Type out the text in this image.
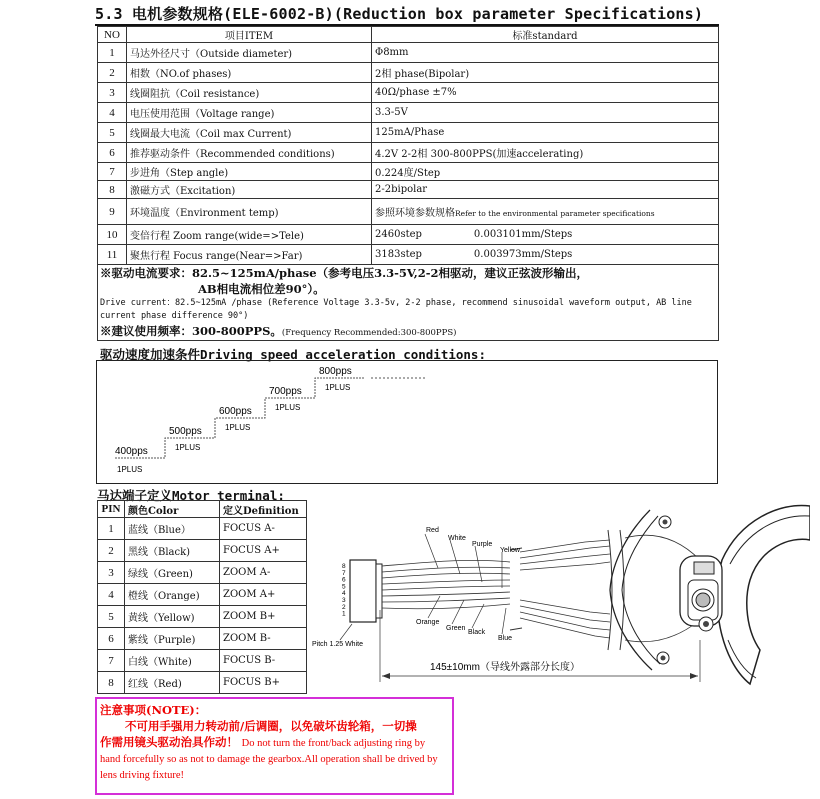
5.3 电机参数规格(ELE-6002-B)(Reduction box parameter Specifications)
NO	项目ITEM	标准standard
1	马达外径尺寸（Outside diameter)	Φ8mm
2	相数（NO.of phases)	2相 phase(Bipolar)
3	线圈阻抗（Coil resistance)	40Ω/phase ±7%
4	电压使用范围（Voltage range)	3.3-5V
5	线圈最大电流（Coil max Current)	125mA/Phase
6	推荐驱动条件（Recommended conditions)	4.2V 2-2相 300-800PPS(加速accelerating)
7	步进角（Step angle)	0.224度/Step
8	激磁方式（Excitation)	2-2bipolar
9	环境温度（Environment temp)	参照环境参数规格Refer to the environmental parameter specifications
10	变倍行程 Zoom range(wide=>Tele)	2460step 0.003101mm/Steps
11	聚焦行程 Focus range(Near=>Far)	3183step 0.003973mm/Steps
※驱动电流要求：82.5~125mA/phase（参考电压3.3-5V,2-2相驱动，建议正弦波形输出，
AB相电流相位差90°）。
Drive current：82.5~125mA /phase (Reference Voltage 3.3-5v, 2-2 phase, recommend sinusoidal waveform output, AB line current phase difference 90°)
※建议使用频率：300-800PPS。(Frequency Recommended:300-800PPS)
驱动速度加速条件Driving speed acceleration conditions:
400pps
1PLUS
500pps
1PLUS
600pps
1PLUS
700pps
1PLUS
800pps
1PLUS
马达端子定义Motor terminal:
PIN	颜色Color	定义Definition
1	蓝线（Blue）	FOCUS A-
2	黑线（Black)	FOCUS A+
3	绿线（Green)	ZOOM A-
4	橙线（Orange)	ZOOM A+
5	黄线（Yellow)	ZOOM B+
6	紫线（Purple)	ZOOM B-
7	白线（White)	FOCUS B-
8	红线（Red)	FOCUS B+
8
7
6
5
4
3
2
1
Red
White
Purple
Yellow
Orange
Green
Black
Blue
Pitch 1.25 White
145±10mm（导线外露部分长度）
注意事项(NOTE)：
不可用手强用力转动前/后调圈，以免破坏齿轮箱，一切操
作需用镜头驱动治具作动！ Do not turn the front/back adjusting ring by hand forcefully so as not to damage the gearbox.All operation shall be drived by lens driving fixture!
